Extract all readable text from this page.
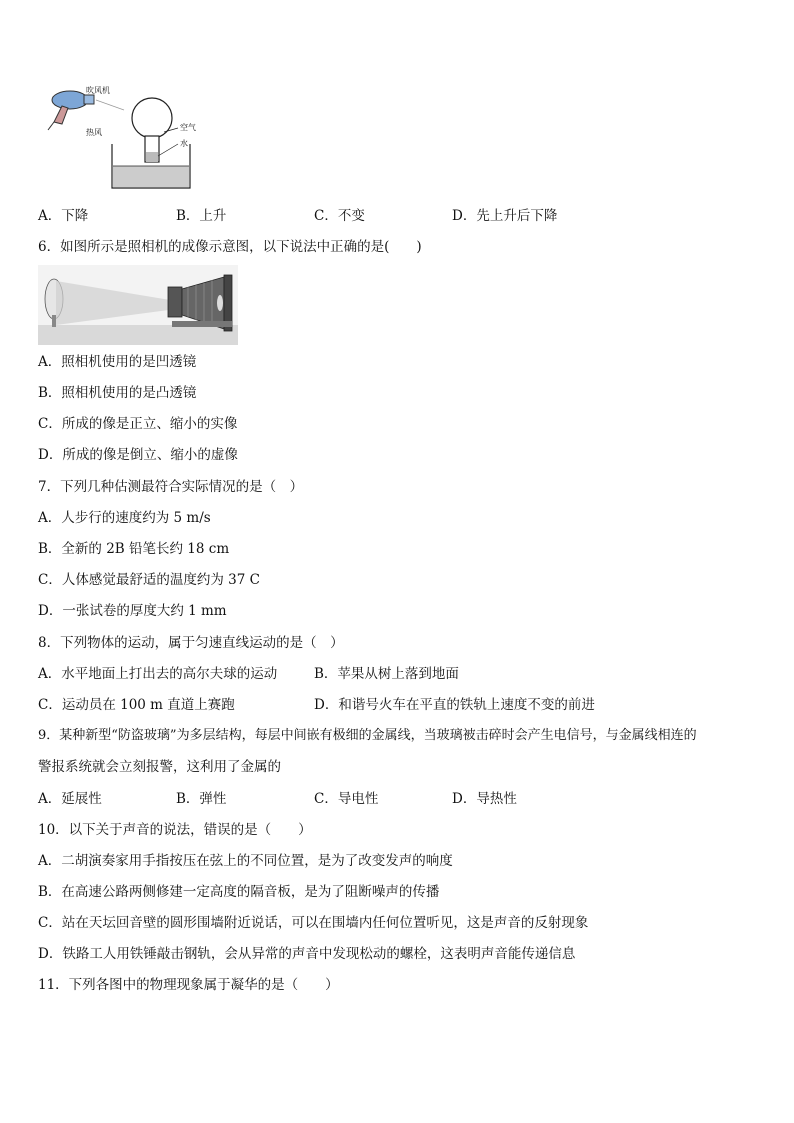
吹风机
热风
空气
水
A．下降	B．上升	C．不变	D．先上升后下降
6．如图所示是照相机的成像示意图，以下说法中正确的是(　　)
A．照相机使用的是凹透镜
B．照相机使用的是凸透镜
C．所成的像是正立、缩小的实像
D．所成的像是倒立、缩小的虚像
7．下列几种估测最符合实际情况的是（　）
A．人步行的速度约为 5 m/s
B．全新的 2B 铅笔长约 18 cm
C．人体感觉最舒适的温度约为 37 C
D．一张试卷的厚度大约 1 mm
8．下列物体的运动，属于匀速直线运动的是（　）
A．水平地面上打出去的高尔夫球的运动	B．苹果从树上落到地面
C．运动员在 100 m 直道上赛跑	D．和谐号火车在平直的铁轨上速度不变的前进
9．某种新型“防盗玻璃”为多层结构，每层中间嵌有极细的金属线，当玻璃被击碎时会产生电信号，与金属线相连的
警报系统就会立刻报警，这利用了金属的
A．延展性	B．弹性	C．导电性	D．导热性
10．以下关于声音的说法，错误的是（　　）
A．二胡演奏家用手指按压在弦上的不同位置，是为了改变发声的响度
B．在高速公路两侧修建一定高度的隔音板，是为了阻断噪声的传播
C．站在天坛回音壁的圆形围墙附近说话，可以在围墙内任何位置听见，这是声音的反射现象
D．铁路工人用铁锤敲击钢轨，会从异常的声音中发现松动的螺栓，这表明声音能传递信息
11．下列各图中的物理现象属于凝华的是（　　）
